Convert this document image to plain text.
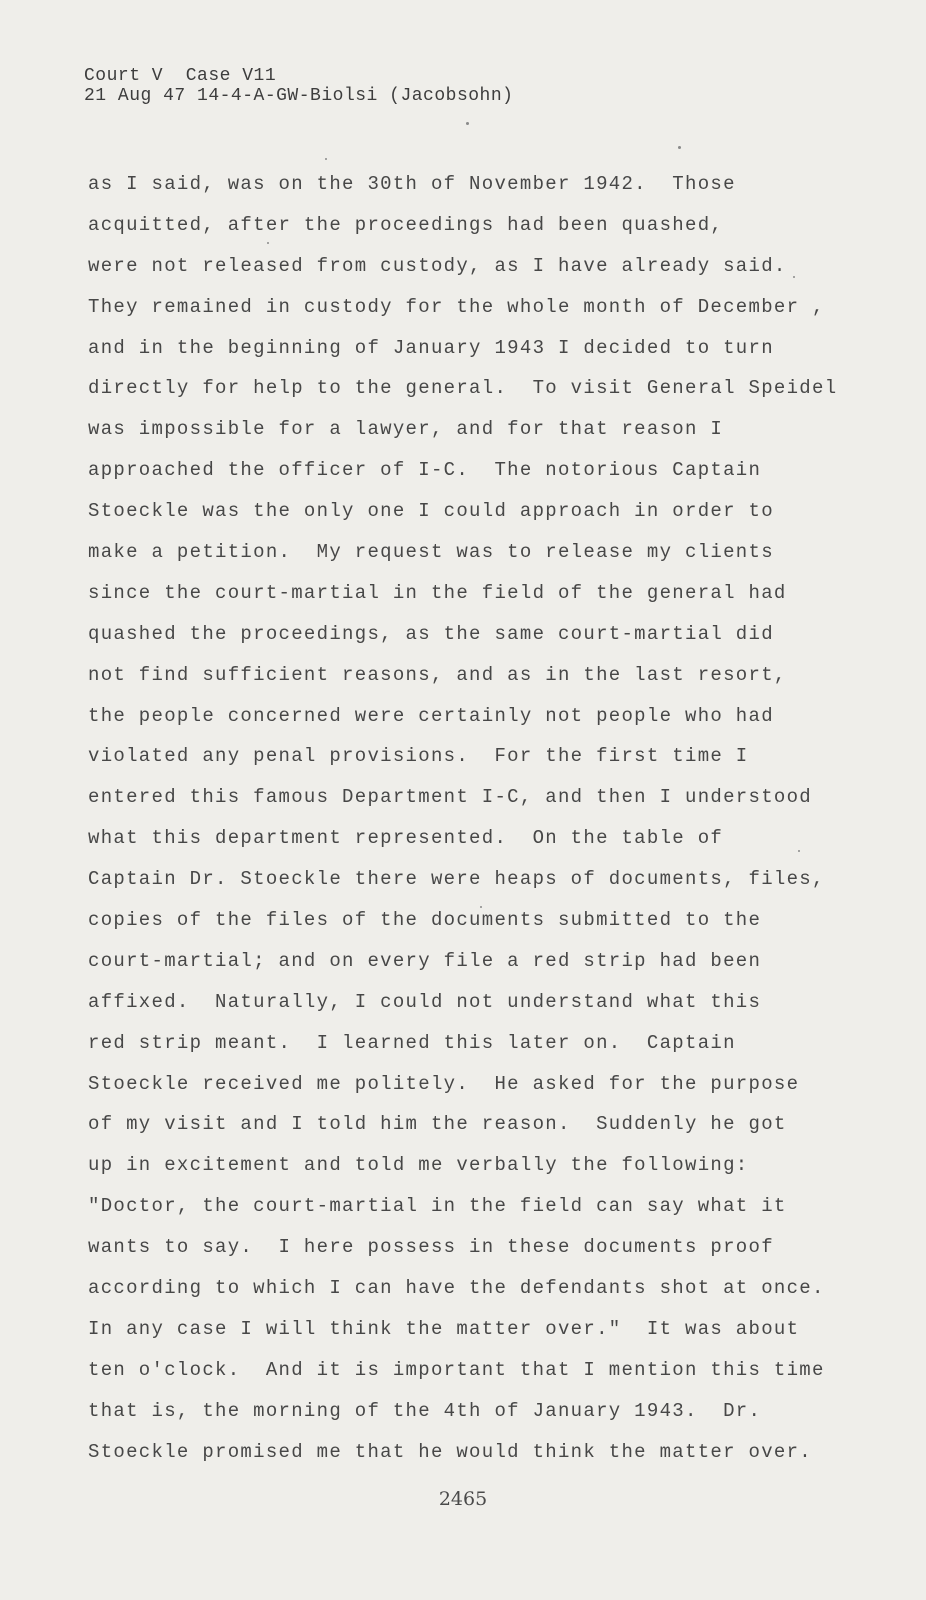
Court V  Case V11
21 Aug 47 14-4-A-GW-Biolsi (Jacobsohn)
as I said, was on the 30th of November 1942.  Those
acquitted, after the proceedings had been quashed,
were not released from custody, as I have already said.
They remained in custody for the whole month of December ,
and in the beginning of January 1943 I decided to turn
directly for help to the general.  To visit General Speidel
was impossible for a lawyer, and for that reason I
approached the officer of I-C.  The notorious Captain
Stoeckle was the only one I could approach in order to
make a petition.  My request was to release my clients
since the court-martial in the field of the general had
quashed the proceedings, as the same court-martial did
not find sufficient reasons, and as in the last resort,
the people concerned were certainly not people who had
violated any penal provisions.  For the first time I
entered this famous Department I-C, and then I understood
what this department represented.  On the table of
Captain Dr. Stoeckle there were heaps of documents, files,
copies of the files of the documents submitted to the
court-martial; and on every file a red strip had been
affixed.  Naturally, I could not understand what this
red strip meant.  I learned this later on.  Captain
Stoeckle received me politely.  He asked for the purpose
of my visit and I told him the reason.  Suddenly he got
up in excitement and told me verbally the following:
"Doctor, the court-martial in the field can say what it
wants to say.  I here possess in these documents proof
according to which I can have the defendants shot at once.
In any case I will think the matter over."  It was about
ten o'clock.  And it is important that I mention this time
that is, the morning of the 4th of January 1943.  Dr.
Stoeckle promised me that he would think the matter over.
2465
